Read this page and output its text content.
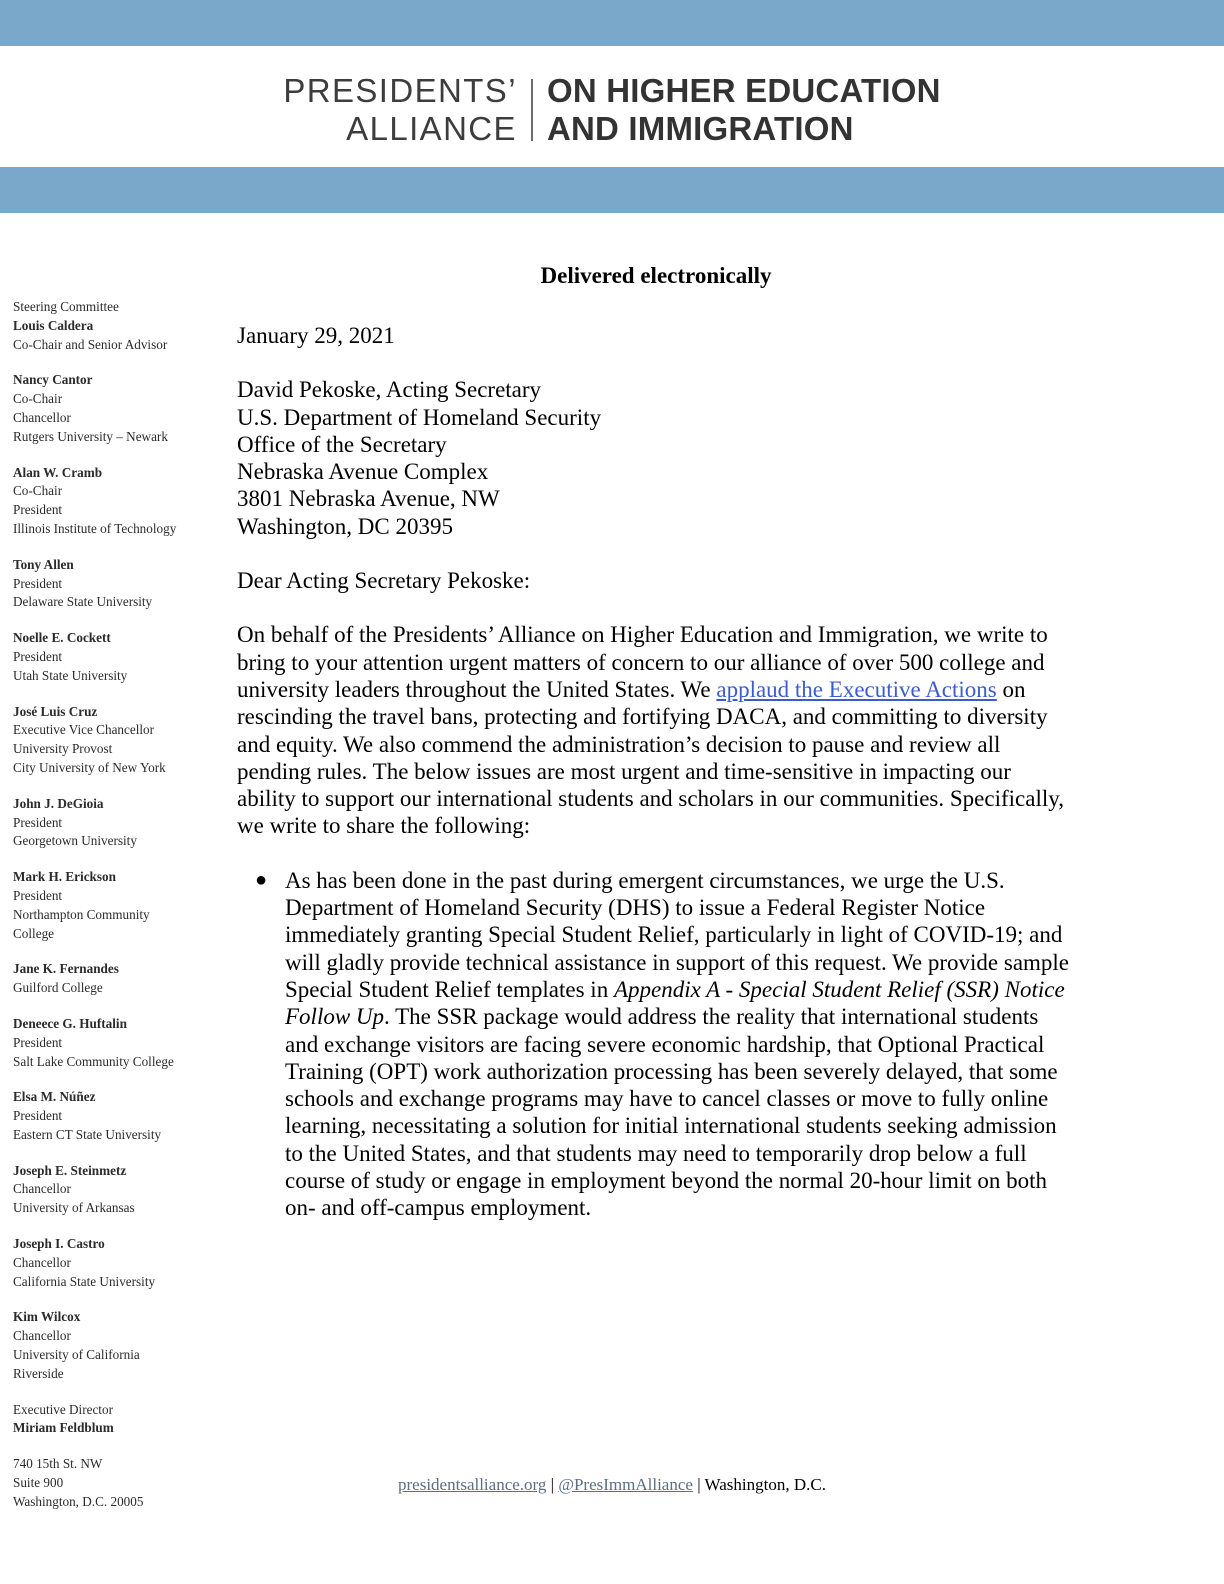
PRESIDENTS’
ALLIANCE
ON HIGHER EDUCATION
AND IMMIGRATION
Steering Committee
Louis Caldera
Co-Chair and Senior Advisor
Nancy Cantor
Co-Chair
Chancellor
Rutgers University – Newark
Alan W. Cramb
Co-Chair
President
Illinois Institute of Technology
Tony Allen
President
Delaware State University
Noelle E. Cockett
President
Utah State University
José Luis Cruz
Executive Vice Chancellor
University Provost
City University of New York
John J. DeGioia
President
Georgetown University
Mark H. Erickson
President
Northampton Community
College
Jane K. Fernandes
Guilford College
Deneece G. Huftalin
President
Salt Lake Community College
Elsa M. Núñez
President
Eastern CT State University
Joseph E. Steinmetz
Chancellor
University of Arkansas
Joseph I. Castro
Chancellor
California State University
Kim Wilcox
Chancellor
University of California
Riverside
Executive Director
Miriam Feldblum
740 15th St. NW
Suite 900
Washington, D.C. 20005
Delivered electronically
January 29, 2021
David Pekoske, Acting Secretary
U.S. Department of Homeland Security
Office of the Secretary
Nebraska Avenue Complex
3801 Nebraska Avenue, NW
Washington, DC 20395
Dear Acting Secretary Pekoske:
On behalf of the Presidents’ Alliance on Higher Education and Immigration, we write to bring to your attention urgent matters of concern to our alliance of over 500 college and university leaders throughout the United States. We applaud the Executive Actions on rescinding the travel bans, protecting and fortifying DACA, and committing to diversity and equity. We also commend the administration’s decision to pause and review all pending rules. The below issues are most urgent and time-sensitive in impacting our ability to support our international students and scholars in our communities. Specifically, we write to share the following:
● As has been done in the past during emergent circumstances, we urge the U.S. Department of Homeland Security (DHS) to issue a Federal Register Notice immediately granting Special Student Relief, particularly in light of COVID-19; and will gladly provide technical assistance in support of this request. We provide sample Special Student Relief templates in Appendix A - Special Student Relief (SSR) Notice Follow Up. The SSR package would address the reality that international students and exchange visitors are facing severe economic hardship, that Optional Practical Training (OPT) work authorization processing has been severely delayed, that some schools and exchange programs may have to cancel classes or move to fully online learning, necessitating a solution for initial international students seeking admission to the United States, and that students may need to temporarily drop below a full course of study or engage in employment beyond the normal 20-hour limit on both on- and off-campus employment.
presidentsalliance.org | @PresImmAlliance | Washington, D.C.
